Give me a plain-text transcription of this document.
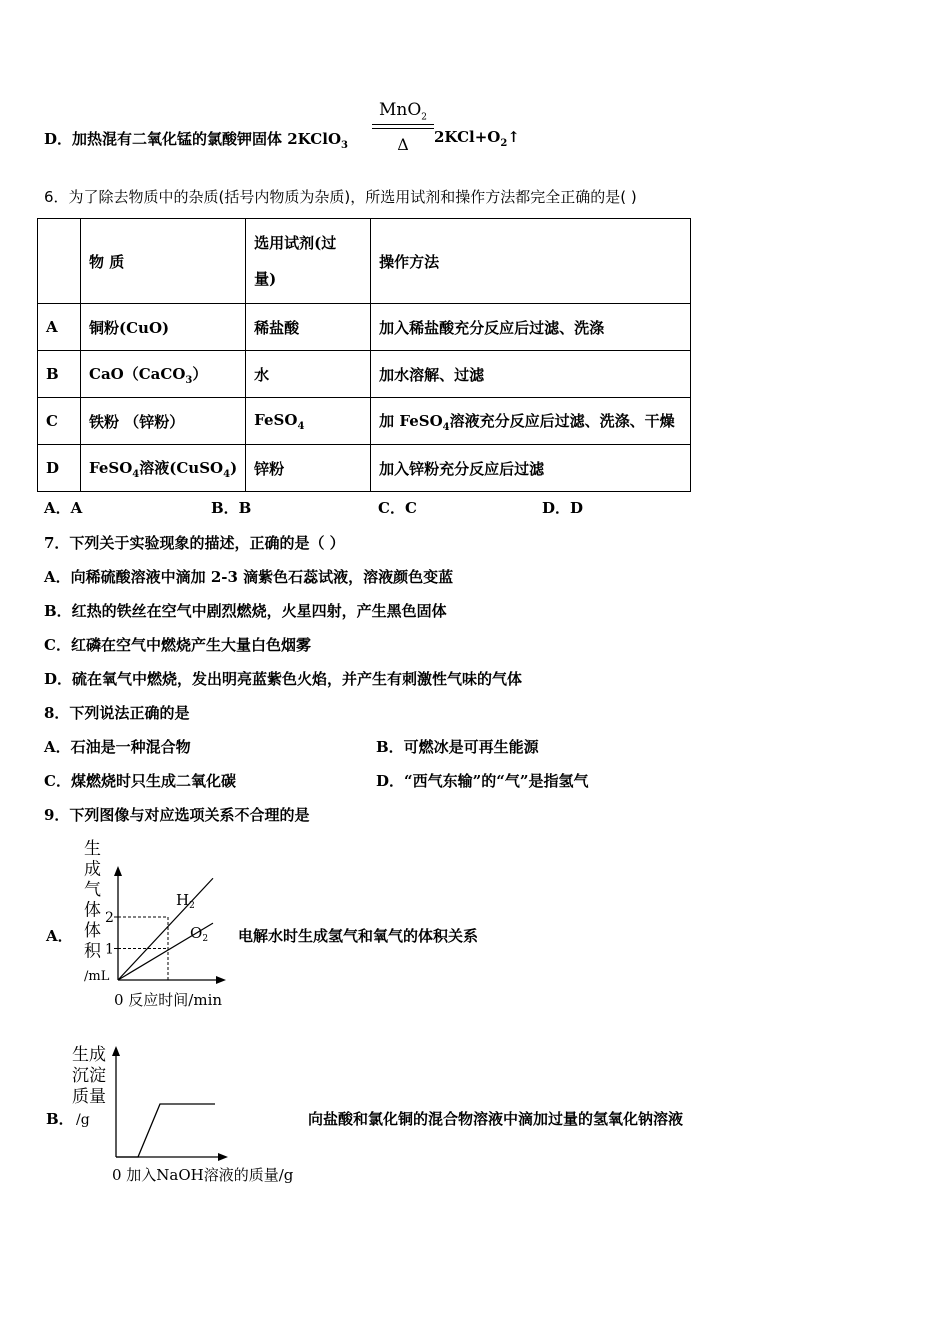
D．加热混有二氧化锰的氯酸钾固体 2KClO$_3$
MnO$_2$
Δ	$2KCl+O_2↑$
6．为了除去物质中的杂质(括号内物质为杂质)，所选用试剂和操作方法都完全正确的是( )
	物 质	选用试剂(过
量)	操作方法
A	铜粉(CuO)	稀盐酸	加入稀盐酸充分反应后过滤、洗涤
B	CaO（CaCO$_3$）	水	加水溶解、过滤
C	铁粉 （锌粉）	FeSO$_4$	加 FeSO$_4$溶液充分反应后过滤、洗涤、干燥
D	FeSO$_4$溶液(CuSO$_4$)	锌粉	加入锌粉充分反应后过滤
A．A	B．B	C．C	D．D
7．下列关于实验现象的描述，正确的是（ ）
A．向稀硫酸溶液中滴加 2-3 滴紫色石蕊试液，溶液颜色变蓝
B．红热的铁丝在空气中剧烈燃烧，火星四射，产生黑色固体
C．红磷在空气中燃烧产生大量白色烟雾
D．硫在氧气中燃烧，发出明亮蓝紫色火焰，并产生有刺激性气味的气体
8．下列说法正确的是
A．石油是一种混合物	B．可燃冰是可再生能源
C．煤燃烧时只生成二氧化碳	D．“西气东输”的“气”是指氢气
9．下列图像与对应选项关系不合理的是
A．
生
成
气
体
体
积
/mL
1
2
$H_2$
$O_2$
0 反应时间/min
电解水时生成氢气和氧气的体积关系
B．
生成
沉淀
质量
/g
0 加入NaOH溶液的质量/g
向盐酸和氯化铜的混合物溶液中滴加过量的氢氧化钠溶液
